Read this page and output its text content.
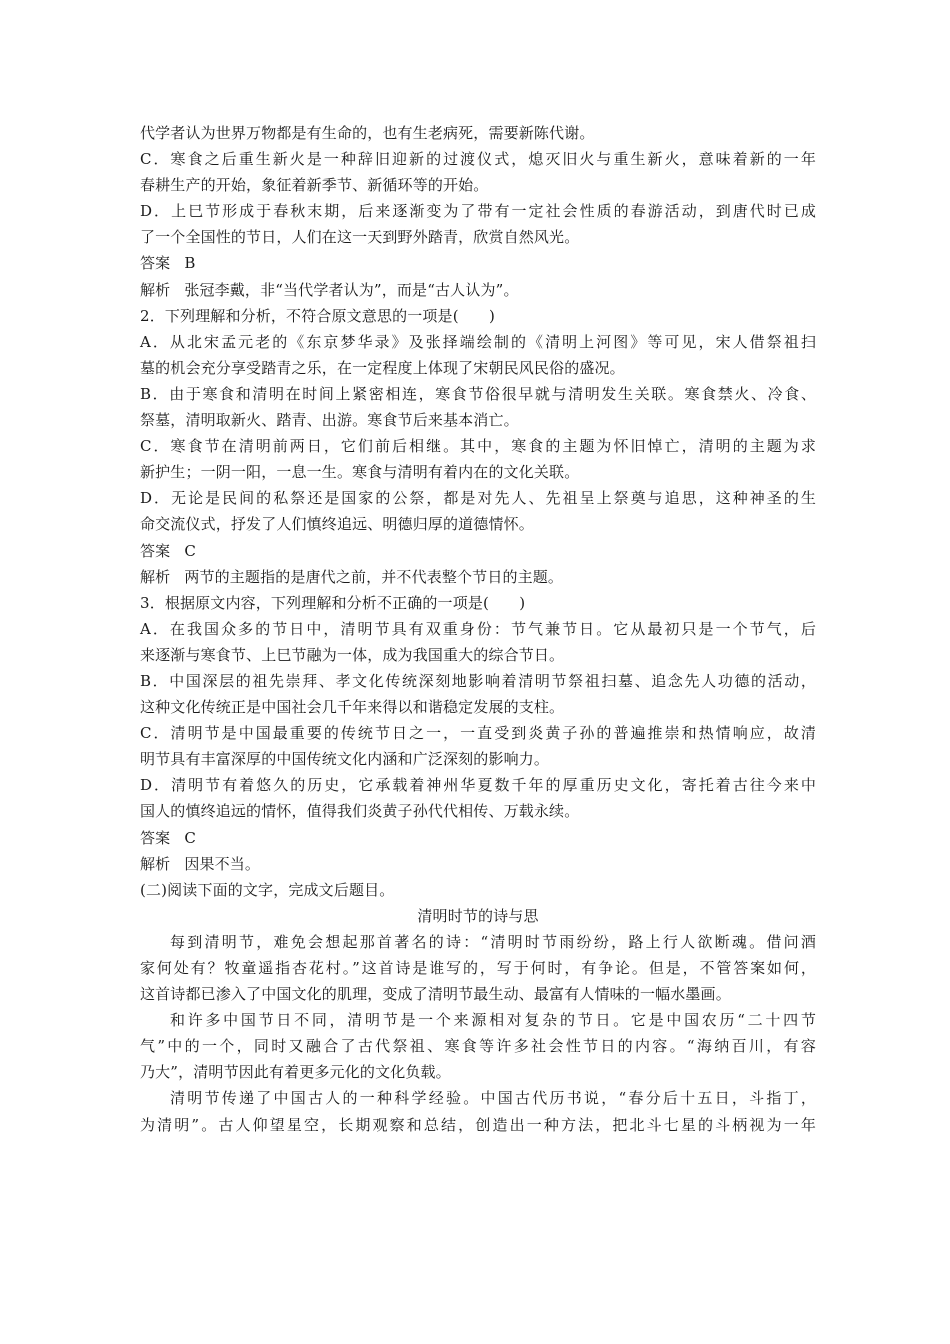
代学者认为世界万物都是有生命的，也有生老病死，需要新陈代谢。
C．寒食之后重生新火是一种辞旧迎新的过渡仪式，熄灭旧火与重生新火，意味着新的一年
春耕生产的开始，象征着新季节、新循环等的开始。
D．上巳节形成于春秋末期，后来逐渐变为了带有一定社会性质的春游活动，到唐代时已成
了一个全国性的节日，人们在这一天到野外踏青，欣赏自然风光。
答案 B
解析 张冠李戴，非“当代学者认为”，而是“古人认为”。
2．下列理解和分析，不符合原文意思的一项是(　　)
A．从北宋孟元老的《东京梦华录》及张择端绘制的《清明上河图》等可见，宋人借祭祖扫
墓的机会充分享受踏青之乐，在一定程度上体现了宋朝民风民俗的盛况。
B．由于寒食和清明在时间上紧密相连，寒食节俗很早就与清明发生关联。寒食禁火、冷食、
祭墓，清明取新火、踏青、出游。寒食节后来基本消亡。
C．寒食节在清明前两日，它们前后相继。其中，寒食的主题为怀旧悼亡，清明的主题为求
新护生；一阴一阳，一息一生。寒食与清明有着内在的文化关联。
D．无论是民间的私祭还是国家的公祭，都是对先人、先祖呈上祭奠与追思，这种神圣的生
命交流仪式，抒发了人们慎终追远、明德归厚的道德情怀。
答案 C
解析 两节的主题指的是唐代之前，并不代表整个节日的主题。
3．根据原文内容，下列理解和分析不正确的一项是(　　)
A．在我国众多的节日中，清明节具有双重身份：节气兼节日。它从最初只是一个节气，后
来逐渐与寒食节、上巳节融为一体，成为我国重大的综合节日。
B．中国深层的祖先崇拜、孝文化传统深刻地影响着清明节祭祖扫墓、追念先人功德的活动，
这种文化传统正是中国社会几千年来得以和谐稳定发展的支柱。
C．清明节是中国最重要的传统节日之一，一直受到炎黄子孙的普遍推崇和热情响应，故清
明节具有丰富深厚的中国传统文化内涵和广泛深刻的影响力。
D．清明节有着悠久的历史，它承载着神州华夏数千年的厚重历史文化，寄托着古往今来中
国人的慎终追远的情怀，值得我们炎黄子孙代代相传、万载永续。
答案 C
解析 因果不当。
(二)阅读下面的文字，完成文后题目。
清明时节的诗与思
每到清明节，难免会想起那首著名的诗：“清明时节雨纷纷，路上行人欲断魂。借问酒
家何处有？牧童遥指杏花村。”这首诗是谁写的，写于何时，有争论。但是，不管答案如何，
这首诗都已渗入了中国文化的肌理，变成了清明节最生动、最富有人情味的一幅水墨画。
和许多中国节日不同，清明节是一个来源相对复杂的节日。它是中国农历“二十四节
气”中的一个，同时又融合了古代祭祖、寒食等许多社会性节日的内容。“海纳百川，有容
乃大”，清明节因此有着更多元化的文化负载。
清明节传递了中国古人的一种科学经验。中国古代历书说，“春分后十五日，斗指丁，
为清明”。古人仰望星空，长期观察和总结，创造出一种方法，把北斗七星的斗柄视为一年
